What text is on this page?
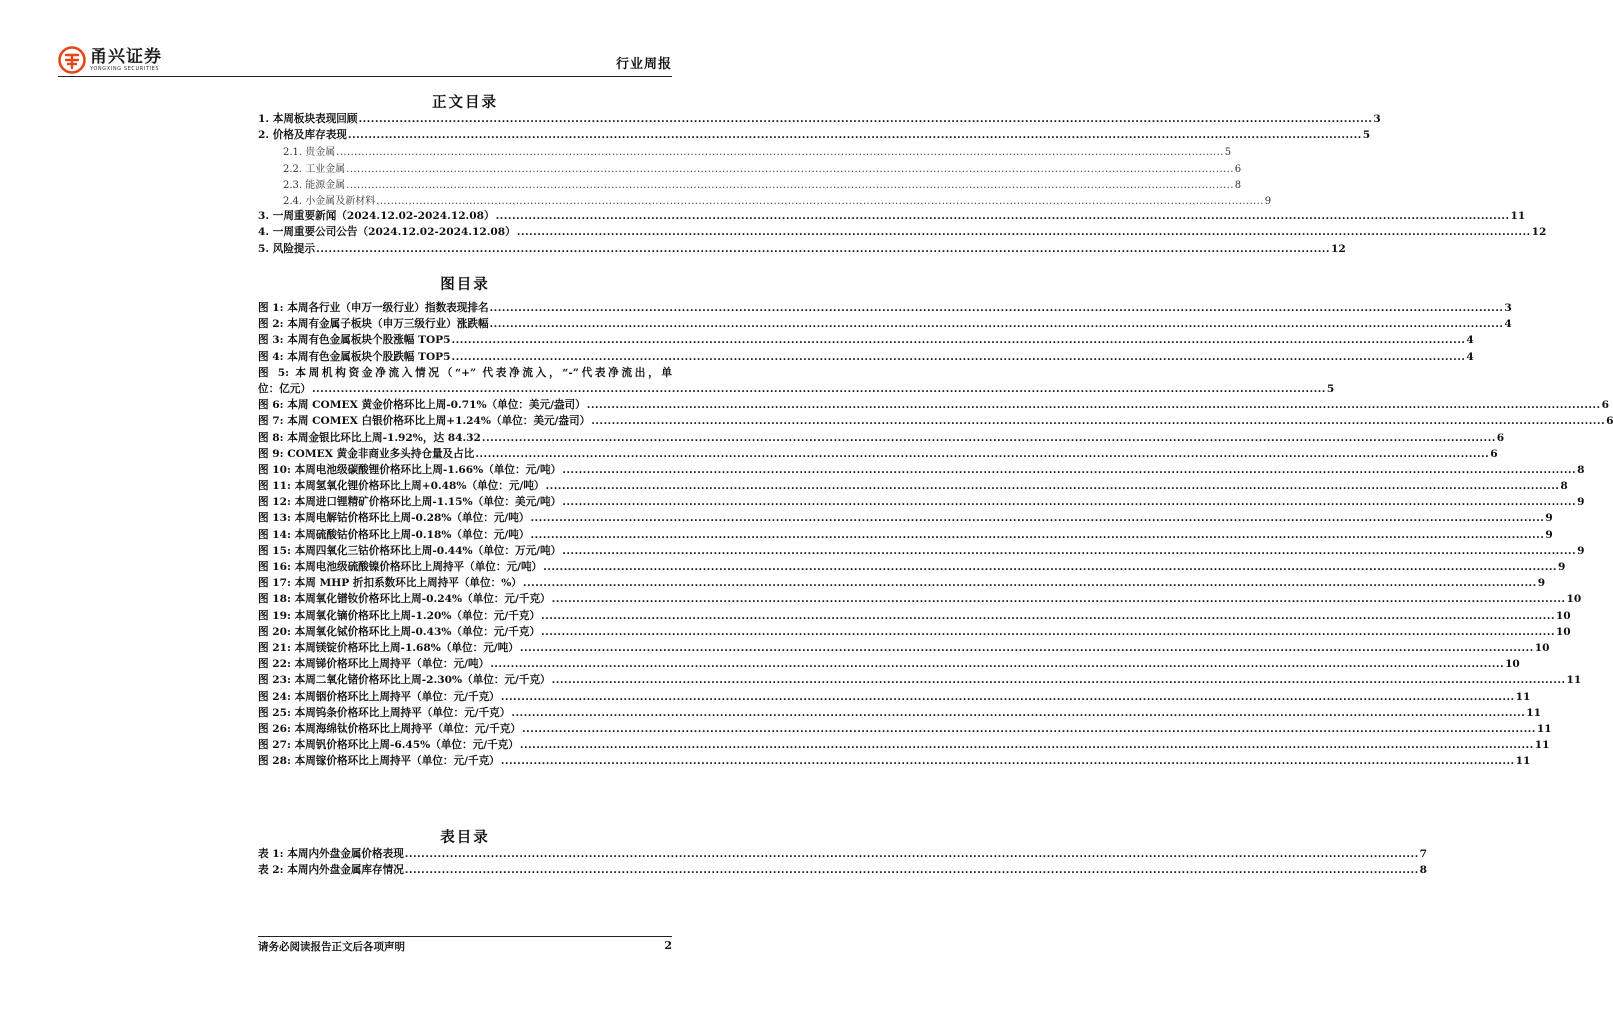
甬兴证券
YONGXING SECURITIES	行业周报
正文目录
1. 本周板块表现回顾 .....	3
2. 价格及库存表现 .....	5
2.1. 贵金属 .....	5
2.2. 工业金属 .....	6
2.3. 能源金属 .....	8
2.4. 小金属及新材料 .....	9
3. 一周重要新闻（2024.12.02-2024.12.08） .....	11
4. 一周重要公司公告（2024.12.02-2024.12.08） .....	12
5. 风险提示 .....	12
图目录
图 1: 本周各行业（申万一级行业）指数表现排名 .....	3
图 2: 本周有金属子板块（申万三级行业）涨跌幅 .....	4
图 3: 本周有色金属板块个股涨幅 TOP5 .....	4
图 4: 本周有色金属板块个股跌幅 TOP5 .....	4
图 5: 本周机构资金净流入情况（“+” 代表净流入，“-”代表净流出，单
位：亿元） .....	5
图 6: 本周 COMEX 黄金价格环比上周-0.71%（单位：美元/盎司） .....	6
图 7: 本周 COMEX 白银价格环比上周+1.24%（单位：美元/盎司） .....	6
图 8: 本周金银比环比上周-1.92%，达 84.32 .....	6
图 9: COMEX 黄金非商业多头持仓量及占比 .....	6
图 10: 本周电池级碳酸锂价格环比上周-1.66%（单位：元/吨） .....	8
图 11: 本周氢氧化锂价格环比上周+0.48%（单位：元/吨） .....	8
图 12: 本周进口锂精矿价格环比上周-1.15%（单位：美元/吨） .....	9
图 13: 本周电解钴价格环比上周-0.28%（单位：元/吨） .....	9
图 14: 本周硫酸钴价格环比上周-0.18%（单位：元/吨） .....	9
图 15: 本周四氧化三钴价格环比上周-0.44%（单位：万元/吨） .....	9
图 16: 本周电池级硫酸镍价格环比上周持平（单位：元/吨） .....	9
图 17: 本周 MHP 折扣系数环比上周持平（单位：%） .....	9
图 18: 本周氧化镨钕价格环比上周-0.24%（单位：元/千克） .....	10
图 19: 本周氧化镝价格环比上周-1.20%（单位：元/千克） .....	10
图 20: 本周氧化铽价格环比上周-0.43%（单位：元/千克） .....	10
图 21: 本周镁锭价格环比上周-1.68%（单位：元/吨） .....	10
图 22: 本周锑价格环比上周持平（单位：元/吨） .....	10
图 23: 本周二氧化锗价格环比上周-2.30%（单位：元/千克） .....	11
图 24: 本周铟价格环比上周持平（单位：元/千克） .....	11
图 25: 本周钨条价格环比上周持平（单位：元/千克） .....	11
图 26: 本周海绵钛价格环比上周持平（单位：元/千克） .....	11
图 27: 本周钒价格环比上周-6.45%（单位：元/千克） .....	11
图 28: 本周镓价格环比上周持平（单位：元/千克） .....	11
表目录
表 1: 本周内外盘金属价格表现 .....	7
表 2: 本周内外盘金属库存情况 .....	8
请务必阅读报告正文后各项声明	2
